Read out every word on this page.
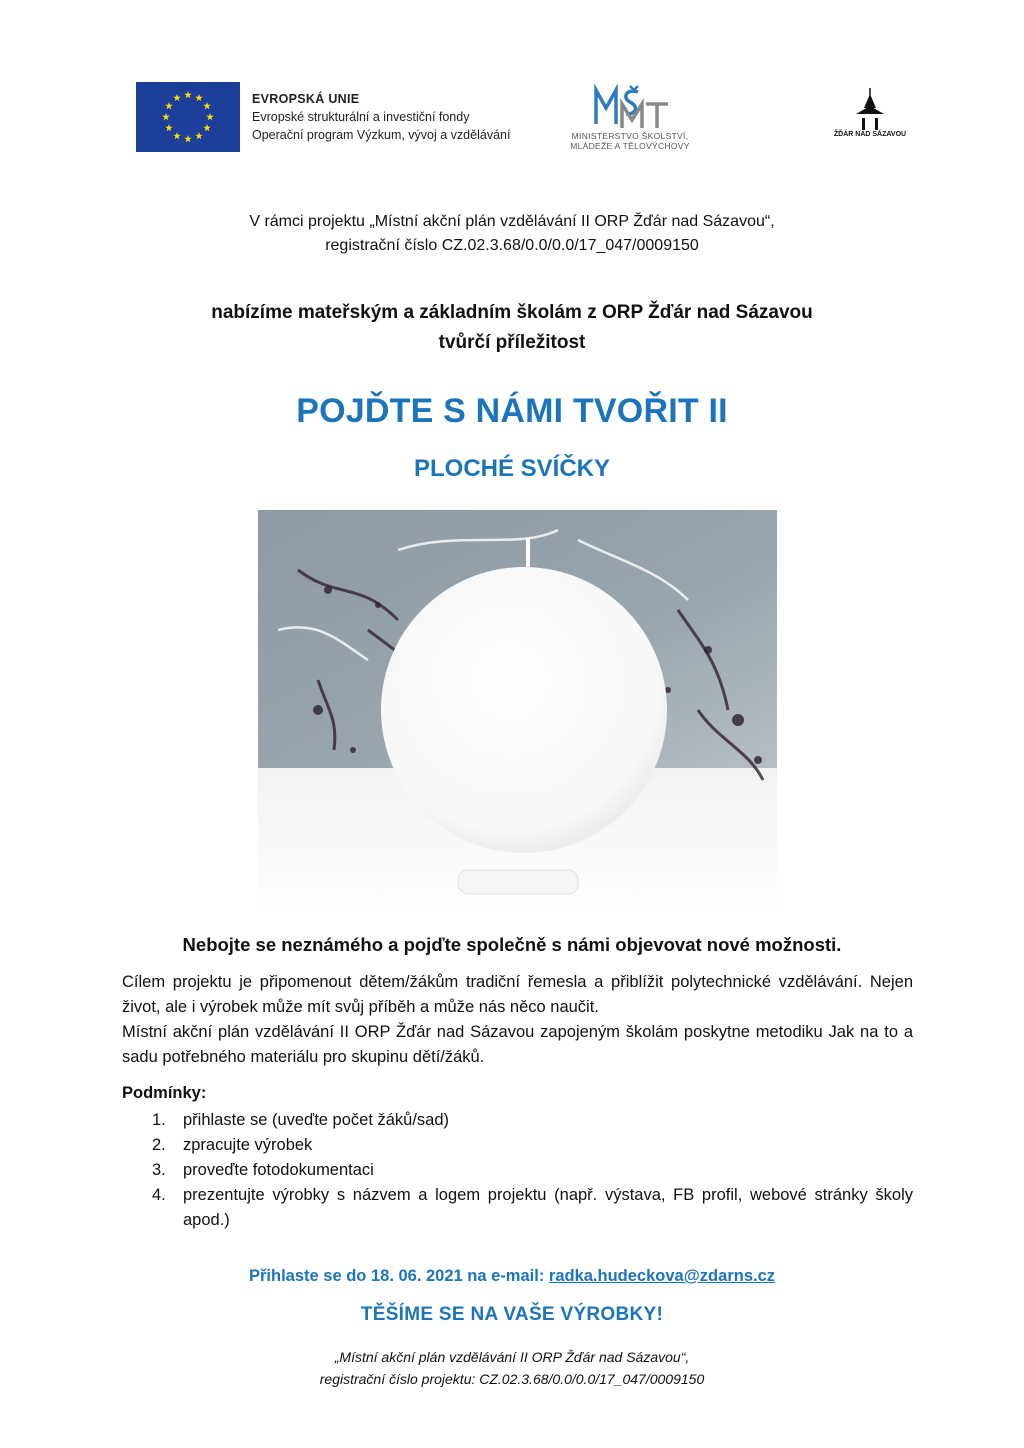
EVROPSKÁ UNIE
Evropské strukturální a investiční fondy
Operační program Výzkum, vývoj a vzdělávání	MINISTERSTVO ŠKOLSTVÍ,
MLÁDEŽE A TĚLOVÝCHOVY
ŽĎÁR NAD SÁZAVOU
V rámci projektu „Místní akční plán vzdělávání II ORP Žďár nad Sázavou“,
registrační číslo CZ.02.3.68/0.0/0.0/17_047/0009150
nabízíme mateřským a základním školám z ORP Žďár nad Sázavou
tvůrčí příležitost
POJĎTE S NÁMI TVOŘIT II
PLOCHÉ SVÍČKY
Nebojte se neznámého a pojďte společně s námi objevovat nové možnosti.

Cílem projektu je připomenout dětem/žákům tradiční řemesla a přiblížit polytechnické vzdělávání. Nejen život, ale i výrobek může mít svůj příběh a může nás něco naučit.

Místní akční plán vzdělávání II ORP Žďár nad Sázavou zapojeným školám poskytne metodiku Jak na to a sadu potřebného materiálu pro skupinu dětí/žáků.

Podmínky:
1. přihlaste se (uveďte počet žáků/sad)
2. zpracujte výrobek
3. proveďte fotodokumentaci
4. prezentujte výrobky s názvem a logem projektu (např. výstava, FB profil, webové stránky školy apod.)
Přihlaste se do 18. 06. 2021 na e-mail: radka.hudeckova@zdarns.cz
TĚŠÍME SE NA VAŠE VÝROBKY!
„Místní akční plán vzdělávání II ORP Žďár nad Sázavou“,
registrační číslo projektu: CZ.02.3.68/0.0/0.0/17_047/0009150
